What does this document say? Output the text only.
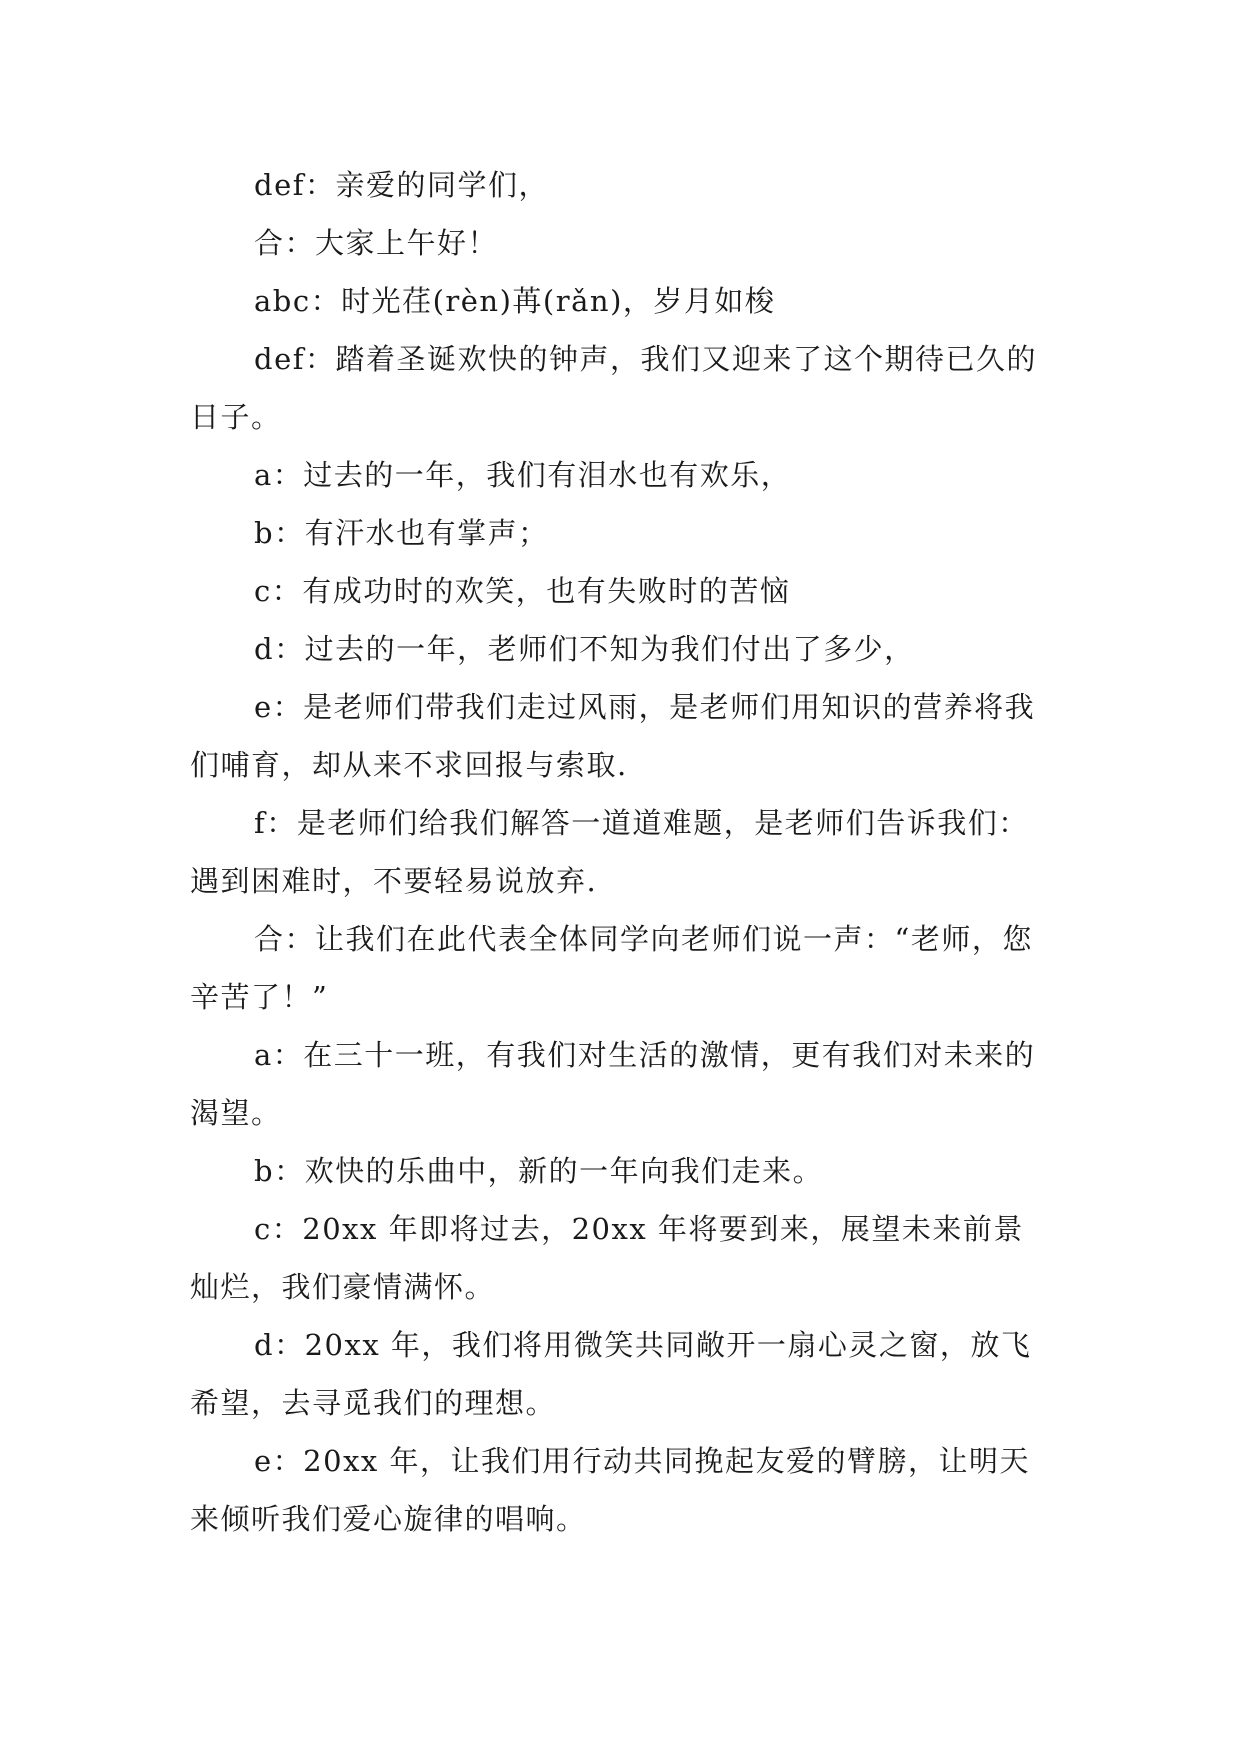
def：亲爱的同学们，

合：大家上午好！

abc：时光荏(rèn)苒(rǎn)，岁月如梭

def：踏着圣诞欢快的钟声，我们又迎来了这个期待已久的日子。

a：过去的一年，我们有泪水也有欢乐，

b：有汗水也有掌声；

c：有成功时的欢笑，也有失败时的苦恼

d：过去的一年，老师们不知为我们付出了多少，

e：是老师们带我们走过风雨，是老师们用知识的营养将我们哺育，却从来不求回报与索取.

f：是老师们给我们解答一道道难题，是老师们告诉我们：遇到困难时，不要轻易说放弃.

合：让我们在此代表全体同学向老师们说一声：“老师，您辛苦了！”

a：在三十一班，有我们对生活的激情，更有我们对未来的渴望。

b：欢快的乐曲中，新的一年向我们走来。

c：20xx 年即将过去，20xx 年将要到来，展望未来前景灿烂，我们豪情满怀。

d：20xx 年，我们将用微笑共同敞开一扇心灵之窗，放飞希望，去寻觅我们的理想。

e：20xx 年，让我们用行动共同挽起友爱的臂膀，让明天来倾听我们爱心旋律的唱响。
